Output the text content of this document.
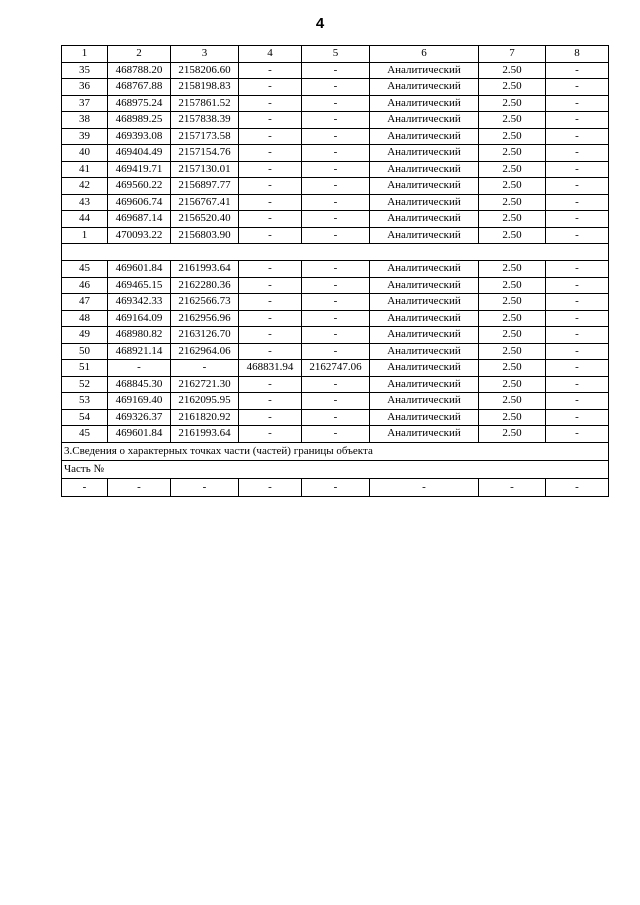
4
1	2	3	4	5	6	7	8
35	468788.20	2158206.60	-	-	Аналитический	2.50	-
36	468767.88	2158198.83	-	-	Аналитический	2.50	-
37	468975.24	2157861.52	-	-	Аналитический	2.50	-
38	468989.25	2157838.39	-	-	Аналитический	2.50	-
39	469393.08	2157173.58	-	-	Аналитический	2.50	-
40	469404.49	2157154.76	-	-	Аналитический	2.50	-
41	469419.71	2157130.01	-	-	Аналитический	2.50	-
42	469560.22	2156897.77	-	-	Аналитический	2.50	-
43	469606.74	2156767.41	-	-	Аналитический	2.50	-
44	469687.14	2156520.40	-	-	Аналитический	2.50	-
1	470093.22	2156803.90	-	-	Аналитический	2.50	-

45	469601.84	2161993.64	-	-	Аналитический	2.50	-
46	469465.15	2162280.36	-	-	Аналитический	2.50	-
47	469342.33	2162566.73	-	-	Аналитический	2.50	-
48	469164.09	2162956.96	-	-	Аналитический	2.50	-
49	468980.82	2163126.70	-	-	Аналитический	2.50	-
50	468921.14	2162964.06	-	-	Аналитический	2.50	-
51	-	-	468831.94	2162747.06	Аналитический	2.50	-
52	468845.30	2162721.30	-	-	Аналитический	2.50	-
53	469169.40	2162095.95	-	-	Аналитический	2.50	-
54	469326.37	2161820.92	-	-	Аналитический	2.50	-
45	469601.84	2161993.64	-	-	Аналитический	2.50	-
3.Сведения о характерных точках части (частей) границы объекта							
Часть №							
-	-	-	-	-	-	-	-
